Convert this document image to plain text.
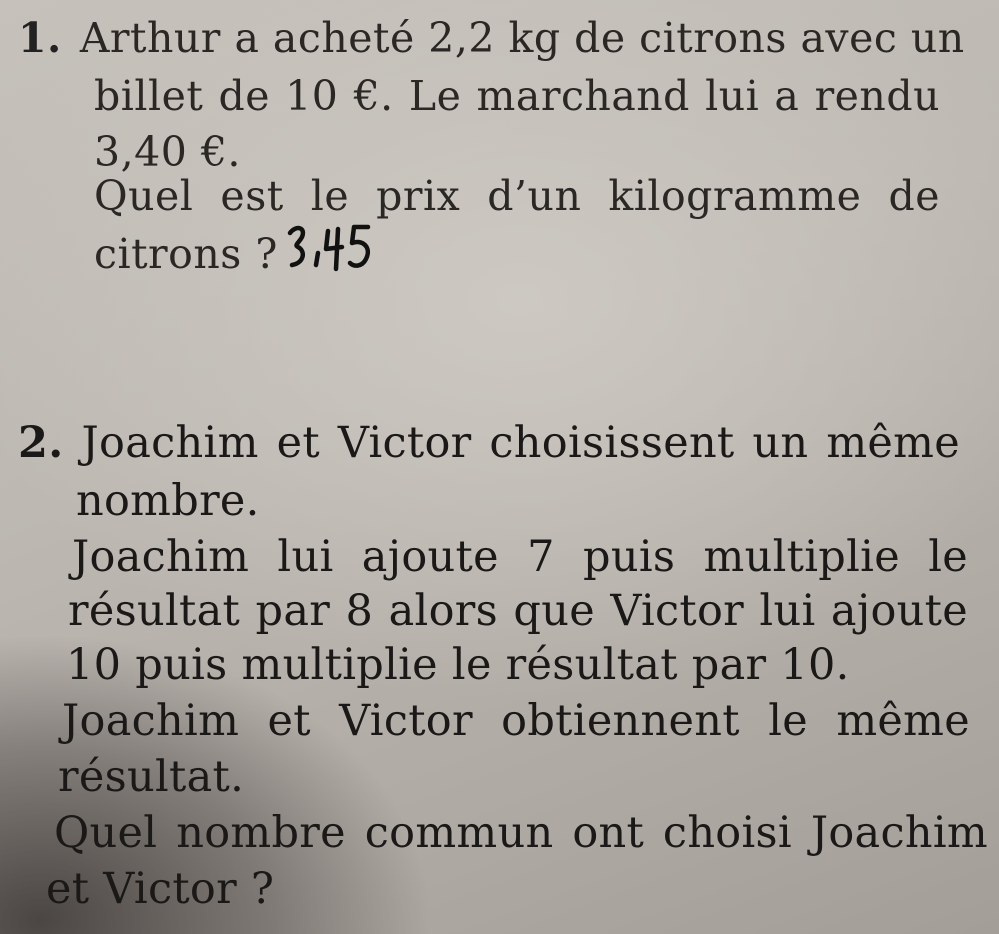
1. Arthur a acheté 2,2 kg de citrons avec un
billet de 10 €. Le marchand lui a rendu
3,40 €.
Quel est le prix d’un kilogramme de
citrons ?
2. Joachim et Victor choisissent un même
nombre.
Joachim lui ajoute 7 puis multiplie le
résultat par 8 alors que Victor lui ajoute
10 puis multiplie le résultat par 10.
Joachim et Victor obtiennent le même
résultat.
Quel nombre commun ont choisi Joachim
et Victor ?
